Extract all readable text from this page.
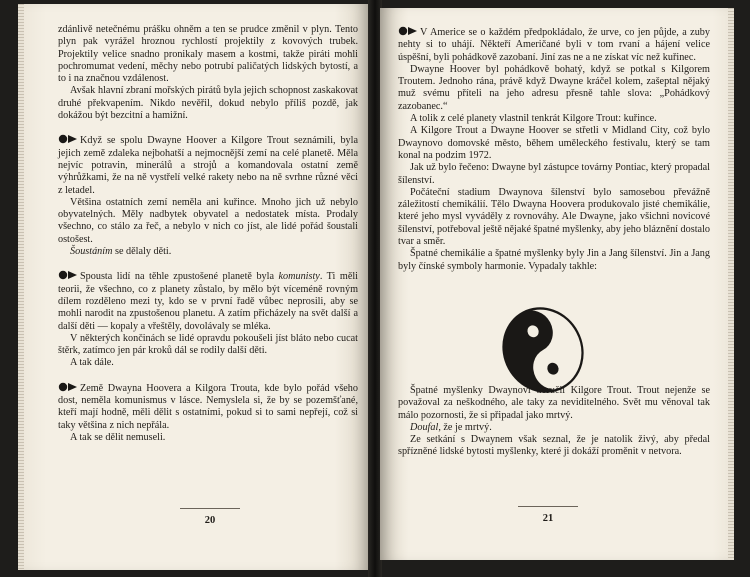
zdánlivě netečnému prášku ohněm a ten se prudce změnil v plyn. Tento plyn pak vyrážel hroznou rychlostí projektily z kovových trubek. Projektily velice snadno pronikaly masem a kostmi, takže piráti mohli pochromumat vedení, měchy nebo potrubí paličatých lidských bytostí, a to i na značnou vzdálenost.

Avšak hlavní zbraní mořských pirátů byla jejich schopnost zaskakovat druhé překvapením. Nikdo nevěřil, dokud nebylo příliš pozdě, jak dokážou být bezcitní a hamižní.

Když se spolu Dwayne Hoover a Kilgore Trout seznámili, byla jejich země zdaleka nejbohatší a nejmocnější zemí na celé planetě. Měla nejvíc potravin, minerálů a strojů a komandovala ostatní země výhrůžkami, že na ně vystřelí velké rakety nebo na ně svrhne různé věci z letadel.

Většina ostatních zemí neměla ani kuřince. Mnoho jich už nebylo obyvatelných. Měly nadbytek obyvatel a nedostatek místa. Prodaly všechno, co stálo za řeč, a nebylo v nich co jíst, ale lidé pořád šoustali ostošest.

Šoustáním se dělaly děti.

Spousta lidí na těhle zpustošené planetě byla komunisty. Ti měli teorii, že všechno, co z planety zůstalo, by mělo být víceméně rovným dílem rozděleno mezi ty, kdo se v první řadě vůbec neprosili, aby se mohli narodit na zpustošenou planetu. A zatím přicházely na svět další a další děti — kopaly a vřeštěly, dovolávaly se mléka.

V některých končinách se lidé opravdu pokoušeli jíst bláto nebo cucat štěrk, zatímco jen pár kroků dál se rodily další děti.

A tak dále.

Země Dwayna Hoovera a Kilgora Trouta, kde bylo pořád všeho dost, neměla komunismus v lásce. Nemyslela si, že by se pozemšťané, kteří mají hodně, měli dělit s ostatními, pokud si to sami nepřejí, což si taky většina z nich nepřála.

A tak se dělit nemuseli.

20

V Americe se o každém předpokládalo, že urve, co jen půjde, a zuby nehty si to uhájí. Někteří Američané byli v tom rvaní a hájení velice úspěšní, byli pohádkově zazobaní. Jiní zas ne a ne získat víc než kuřinec.

Dwayne Hoover byl pohádkově bohatý, když se potkal s Kilgorem Troutem. Jednoho rána, právě když Dwayne kráčel kolem, zašeptal nějaký muž svému příteli na jeho adresu přesně tahle slova: „Pohádkový zazobanec.“

A tolik z celé planety vlastnil tenkrát Kilgore Trout: kuřince.

A Kilgore Trout a Dwayne Hoover se střetli v Midland City, což bylo Dwaynovo domovské město, během uměleckého festivalu, který se tam konal na podzim 1972.

Jak už bylo řečeno: Dwayne byl zástupce továrny Pontiac, který propadal šílenství.

Počáteční stadium Dwaynova šílenství bylo samosebou převážně záležitostí chemikálií. Tělo Dwayna Hoovera produkovalo jisté chemikálie, které jeho mysl vyváděly z rovnováhy. Ale Dwayne, jako všichni novicové šílenství, potřeboval ještě nějaké špatné myšlenky, aby jeho bláznění dostalo tvar a směr.

Špatné chemikálie a špatné myšlenky byly Jin a Jang šílenství. Jin a Jang byly čínské symboly harmonie. Vypadaly takhle:

Špatné myšlenky Dwaynovi doručil Kilgore Trout. Trout nejenže se považoval za neškodného, ale taky za neviditelného. Svět mu věnoval tak málo pozornosti, že si připadal jako mrtvý.

Doufal, že je mrtvý.

Ze setkání s Dwaynem však seznal, že je natolik živý, aby předal spřízněné lidské bytosti myšlenky, které ji dokáží proměnit v netvora.

21
